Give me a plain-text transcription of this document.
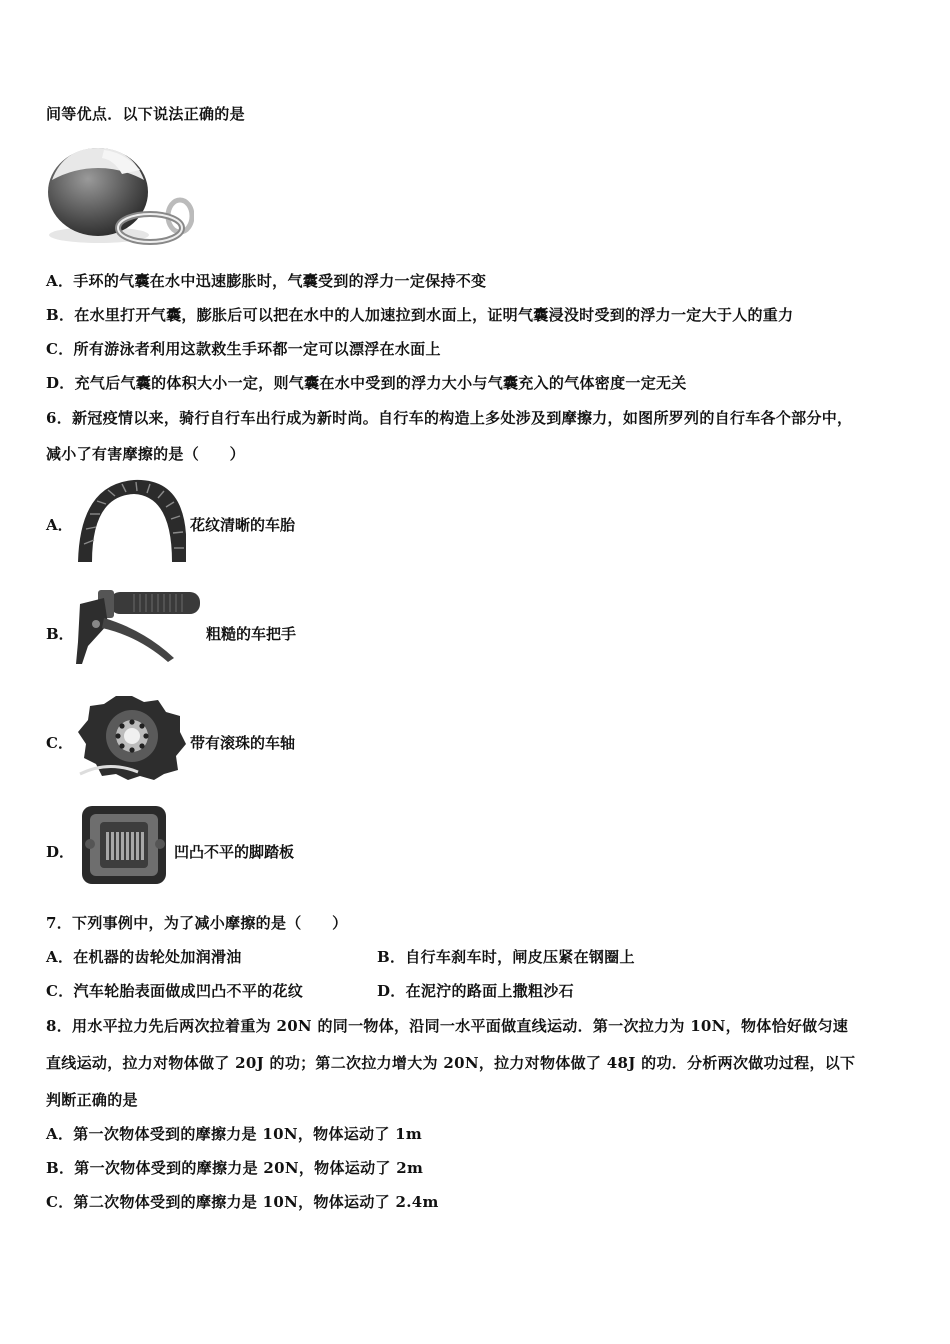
间等优点．以下说法正确的是
A．手环的气囊在水中迅速膨胀时，气囊受到的浮力一定保持不变
B．在水里打开气囊，膨胀后可以把在水中的人加速拉到水面上，证明气囊浸没时受到的浮力一定大于人的重力
C．所有游泳者利用这款救生手环都一定可以漂浮在水面上
D．充气后气囊的体积大小一定，则气囊在水中受到的浮力大小与气囊充入的气体密度一定无关
6．新冠疫情以来，骑行自行车出行成为新时尚。自行车的构造上多处涉及到摩擦力，如图所罗列的自行车各个部分中，
减小了有害摩擦的是（　　）
A．	花纹清晰的车胎
B．	粗糙的车把手
C．	带有滚珠的车轴
D．	凹凸不平的脚踏板
7．下列事例中，为了减小摩擦的是（　　）
A．在机器的齿轮处加润滑油	B．自行车刹车时，闸皮压紧在钢圈上
C．汽车轮胎表面做成凹凸不平的花纹	D．在泥泞的路面上撒粗沙石
8．用水平拉力先后两次拉着重为 20N 的同一物体，沿同一水平面做直线运动．第一次拉力为 10N，物体恰好做匀速
直线运动，拉力对物体做了 20J 的功；第二次拉力增大为 20N，拉力对物体做了 48J 的功．分析两次做功过程，以下
判断正确的是
A．第一次物体受到的摩擦力是 10N，物体运动了 1m
B．第一次物体受到的摩擦力是 20N，物体运动了 2m
C．第二次物体受到的摩擦力是 10N，物体运动了 2.4m
